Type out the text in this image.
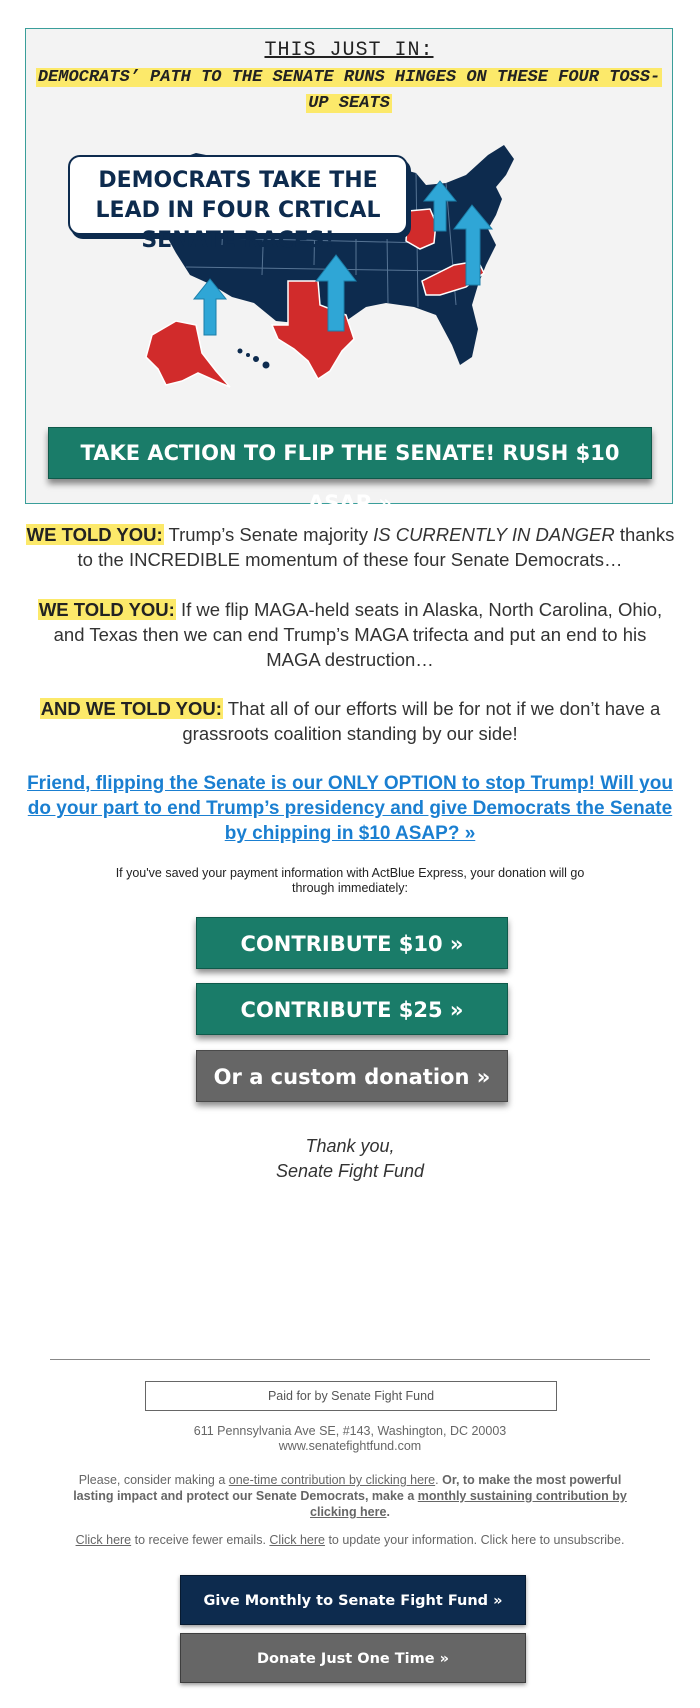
THIS JUST IN:
DEMOCRATS’ PATH TO THE SENATE RUNS HINGES ON THESE FOUR TOSS-UP SEATS
DEMOCRATS TAKE THE LEAD IN FOUR CRTICAL SENATE RACES!
TAKE ACTION TO FLIP THE SENATE! RUSH $10 ASAP »
WE TOLD YOU: Trump’s Senate majority IS CURRENTLY IN DANGER thanks to the INCREDIBLE momentum of these four Senate Democrats…
WE TOLD YOU: If we flip MAGA-held seats in Alaska, North Carolina, Ohio, and Texas then we can end Trump’s MAGA trifecta and put an end to his MAGA destruction…
AND WE TOLD YOU: That all of our efforts will be for not if we don’t have a grassroots coalition standing by our side!
Friend, flipping the Senate is our ONLY OPTION to stop Trump! Will you do your part to end Trump’s presidency and give Democrats the Senate by chipping in $10 ASAP? »
If you've saved your payment information with ActBlue Express, your donation will go through immediately:
CONTRIBUTE $10 »
CONTRIBUTE $25 »
Or a custom donation »
Thank you,
Senate Fight Fund
Paid for by Senate Fight Fund
611 Pennsylvania Ave SE, #143, Washington, DC 20003
www.senatefightfund.com
Please, consider making a one-time contribution by clicking here. Or, to make the most powerful lasting impact and protect our Senate Democrats, make a monthly sustaining contribution by clicking here.
Click here to receive fewer emails. Click here to update your information. Click here to unsubscribe.
Give Monthly to Senate Fight Fund »
Donate Just One Time »
